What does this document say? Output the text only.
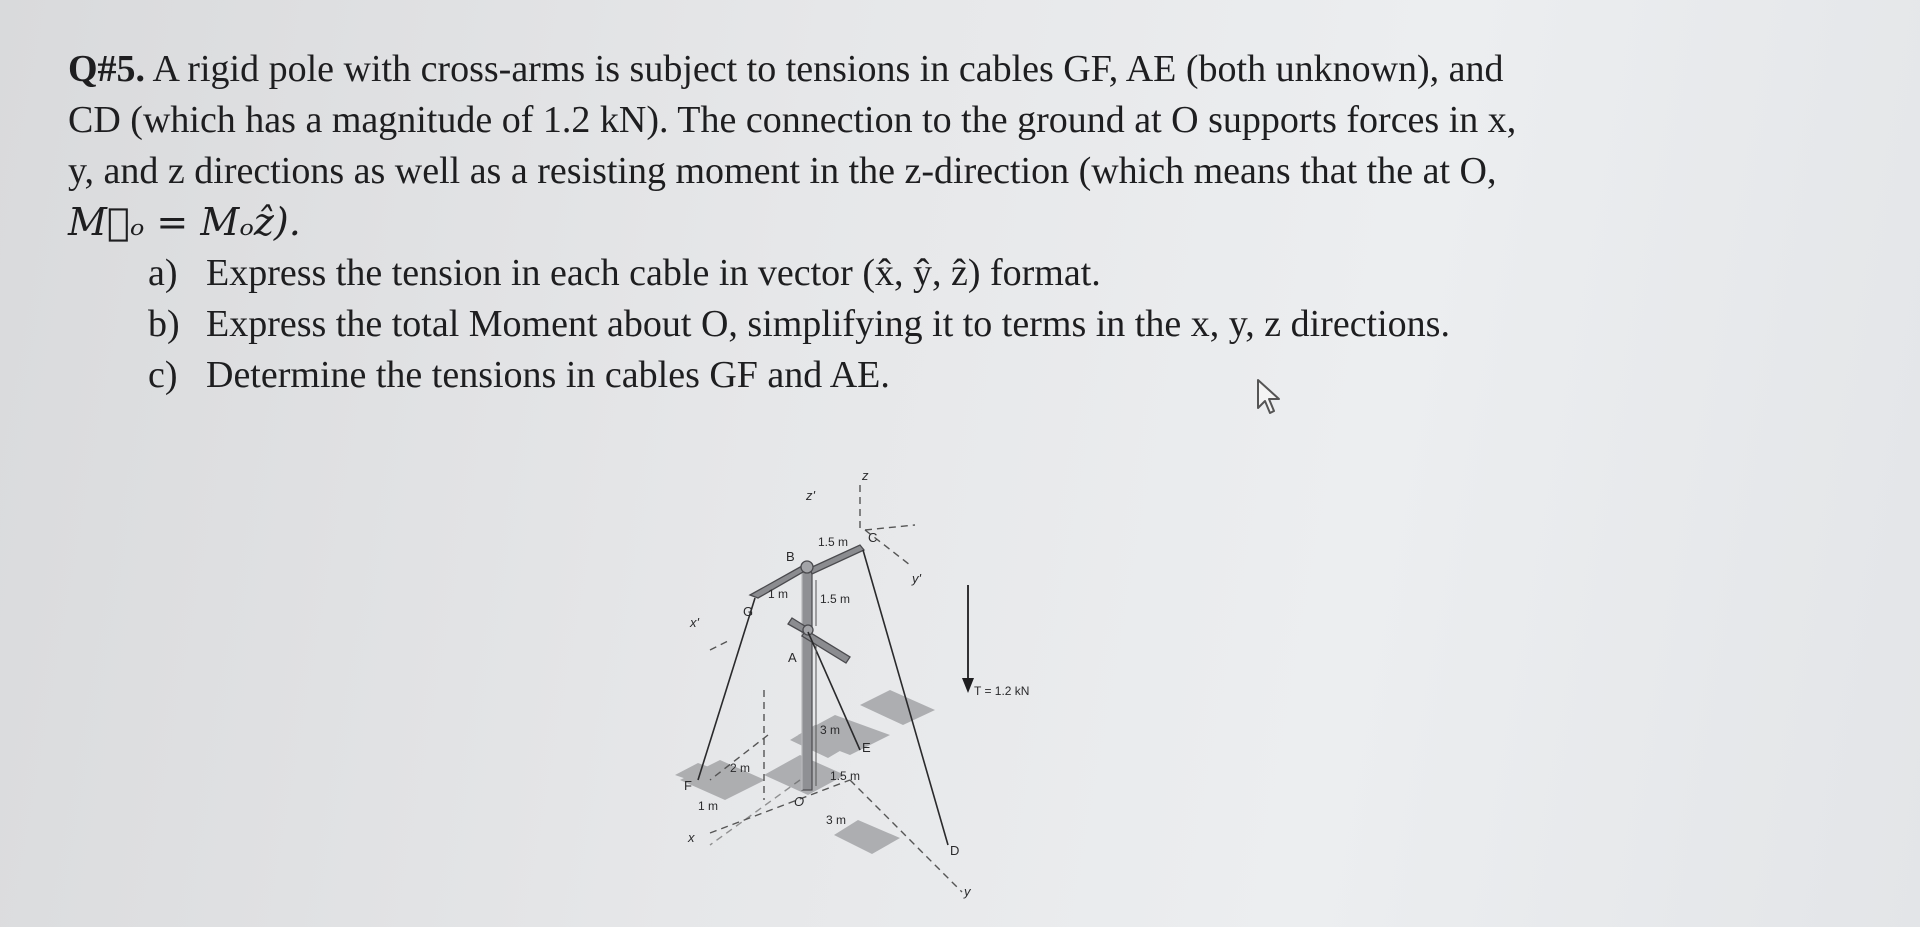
Q#5. A rigid pole with cross-arms is subject to tensions in cables GF, AE (both unknown), and
CD (which has a magnitude of 1.2 kN). The connection to the ground at O supports forces in x,
y, and z directions as well as a resisting moment in the z-direction (which means that the at O,
M⃗ₒ = Mₒẑ).
a) Express the tension in each cable in vector (x̂, ŷ, ẑ) format.
b) Express the total Moment about O, simplifying it to terms in the x, y, z directions.
c) Determine the tensions in cables GF and AE.
z
z'
B
C
1.5 m
y'
x'
G
1 m	1.5 m
A
T = 1.2 kN
3 m
E
2 m
F
1.5 m
O
1 m
3 m
D
x
y
